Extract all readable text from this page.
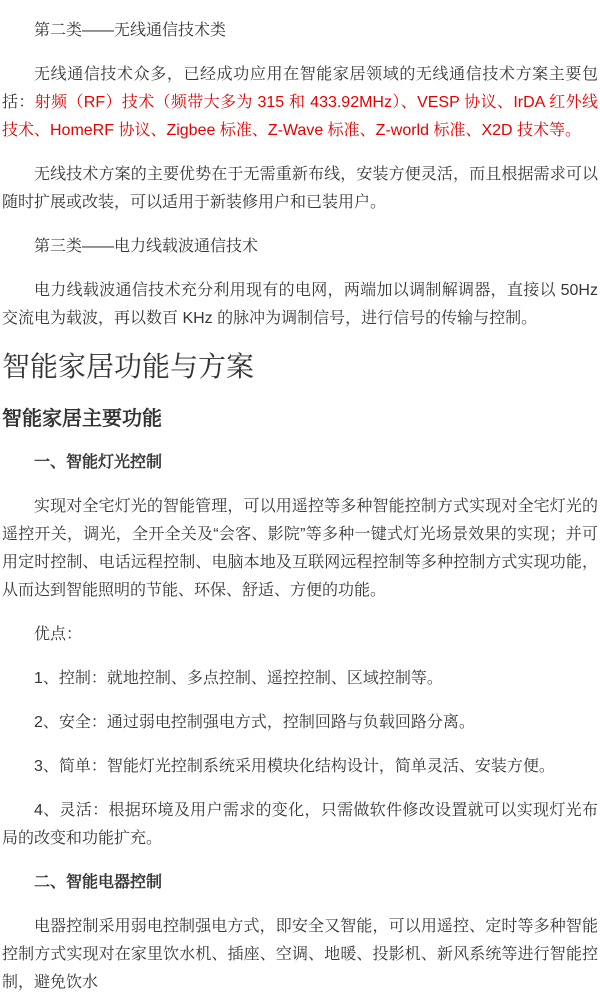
第二类——无线通信技术类

无线通信技术众多，已经成功应用在智能家居领域的无线通信技术方案主要包括：射频（RF）技术（频带大多为 315 和 433.92MHz）、VESP 协议、IrDA 红外线技术、HomeRF 协议、Zigbee 标准、Z-Wave 标准、Z-world 标准、X2D 技术等。

无线技术方案的主要优势在于无需重新布线，安装方便灵活，而且根据需求可以随时扩展或改装，可以适用于新装修用户和已装用户。

第三类——电力线载波通信技术

电力线载波通信技术充分利用现有的电网，两端加以调制解调器，直接以 50Hz 交流电为载波，再以数百 KHz 的脉冲为调制信号，进行信号的传输与控制。

智能家居功能与方案
智能家居主要功能

一、智能灯光控制

实现对全宅灯光的智能管理，可以用遥控等多种智能控制方式实现对全宅灯光的遥控开关，调光，全开全关及“会客、影院”等多种一键式灯光场景效果的实现；并可用定时控制、电话远程控制、电脑本地及互联网远程控制等多种控制方式实现功能，从而达到智能照明的节能、环保、舒适、方便的功能。

优点：

1、控制：就地控制、多点控制、遥控控制、区域控制等。

2、安全：通过弱电控制强电方式，控制回路与负载回路分离。

3、简单：智能灯光控制系统采用模块化结构设计，简单灵活、安装方便。

4、灵活：根据环境及用户需求的变化，只需做软件修改设置就可以实现灯光布局的改变和功能扩充。

二、智能电器控制

电器控制采用弱电控制强电方式，即安全又智能，可以用遥控、定时等多种智能控制方式实现对在家里饮水机、插座、空调、地暖、投影机、新风系统等进行智能控制，避免饮水
